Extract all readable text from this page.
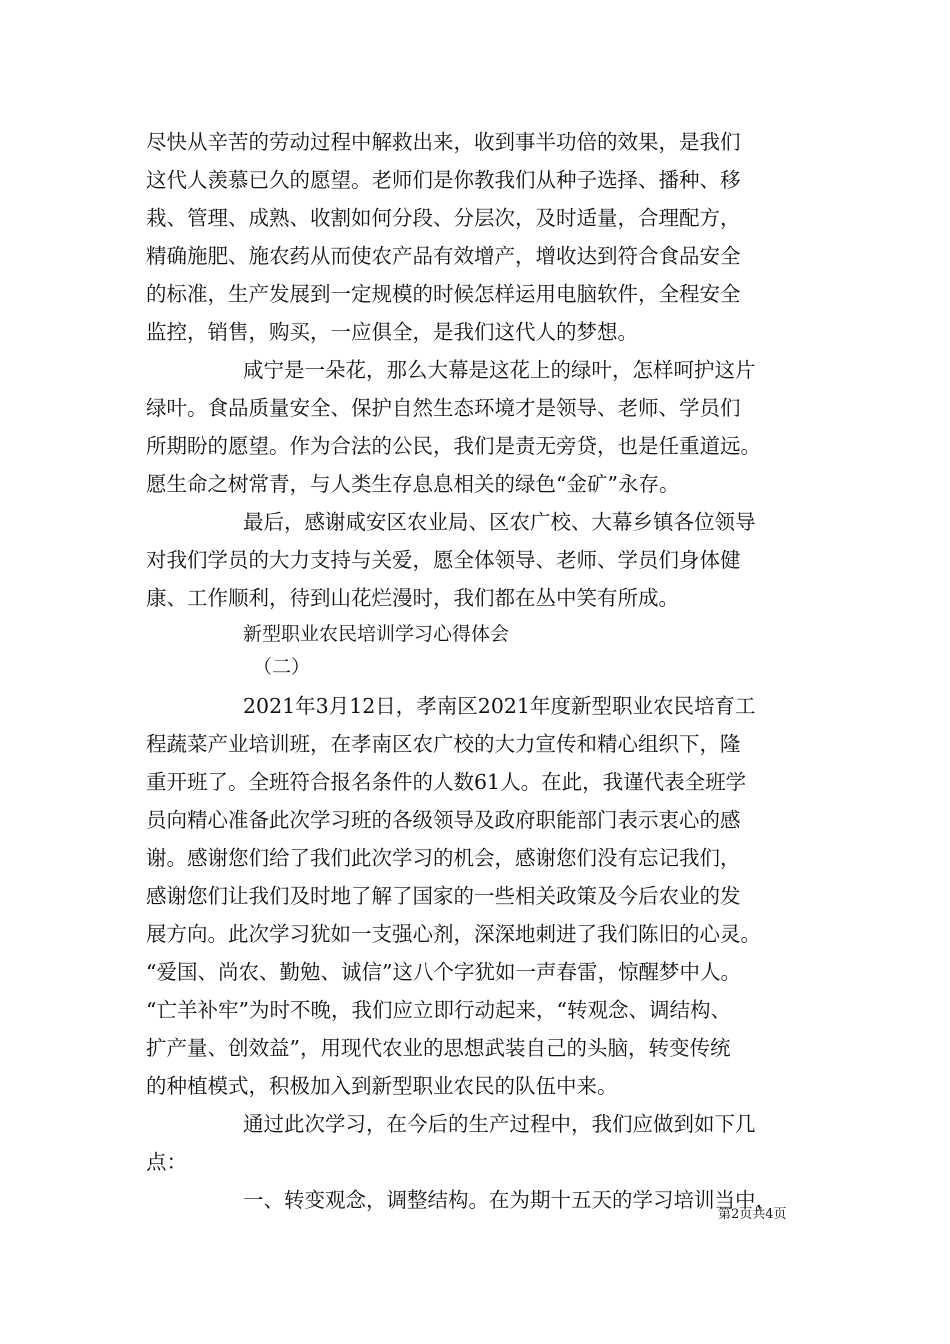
尽快从辛苦的劳动过程中解救出来，收到事半功倍的效果，是我们
这代人羡慕已久的愿望。老师们是你教我们从种子选择、播种、移
栽、管理、成熟、收割如何分段、分层次，及时适量，合理配方，
精确施肥、施农药从而使农产品有效增产，增收达到符合食品安全
的标准，生产发展到一定规模的时候怎样运用电脑软件，全程安全
监控，销售，购买，一应俱全，是我们这代人的梦想。
咸宁是一朵花，那么大幕是这花上的绿叶，怎样呵护这片
绿叶。食品质量安全、保护自然生态环境才是领导、老师、学员们
所期盼的愿望。作为合法的公民，我们是责无旁贷，也是任重道远。
愿生命之树常青，与人类生存息息相关的绿色“金矿”永存。
最后，感谢咸安区农业局、区农广校、大幕乡镇各位领导
对我们学员的大力支持与关爱，愿全体领导、老师、学员们身体健
康、工作顺利，待到山花烂漫时，我们都在丛中笑有所成。
新型职业农民培训学习心得体会
（二）
2021年3月12日，孝南区2021年度新型职业农民培育工
程蔬菜产业培训班，在孝南区农广校的大力宣传和精心组织下，隆
重开班了。全班符合报名条件的人数61人。在此，我谨代表全班学
员向精心准备此次学习班的各级领导及政府职能部门表示衷心的感
谢。感谢您们给了我们此次学习的机会，感谢您们没有忘记我们，
感谢您们让我们及时地了解了国家的一些相关政策及今后农业的发
展方向。此次学习犹如一支强心剂，深深地刺进了我们陈旧的心灵。
“爱国、尚农、勤勉、诚信”这八个字犹如一声春雷，惊醒梦中人。
“亡羊补牢”为时不晚，我们应立即行动起来，“转观念、调结构、
扩产量、创效益”，用现代农业的思想武装自己的头脑，转变传统
的种植模式，积极加入到新型职业农民的队伍中来。
通过此次学习，在今后的生产过程中，我们应做到如下几
点：
一、转变观念，调整结构。在为期十五天的学习培训当中，
第2页共4页
